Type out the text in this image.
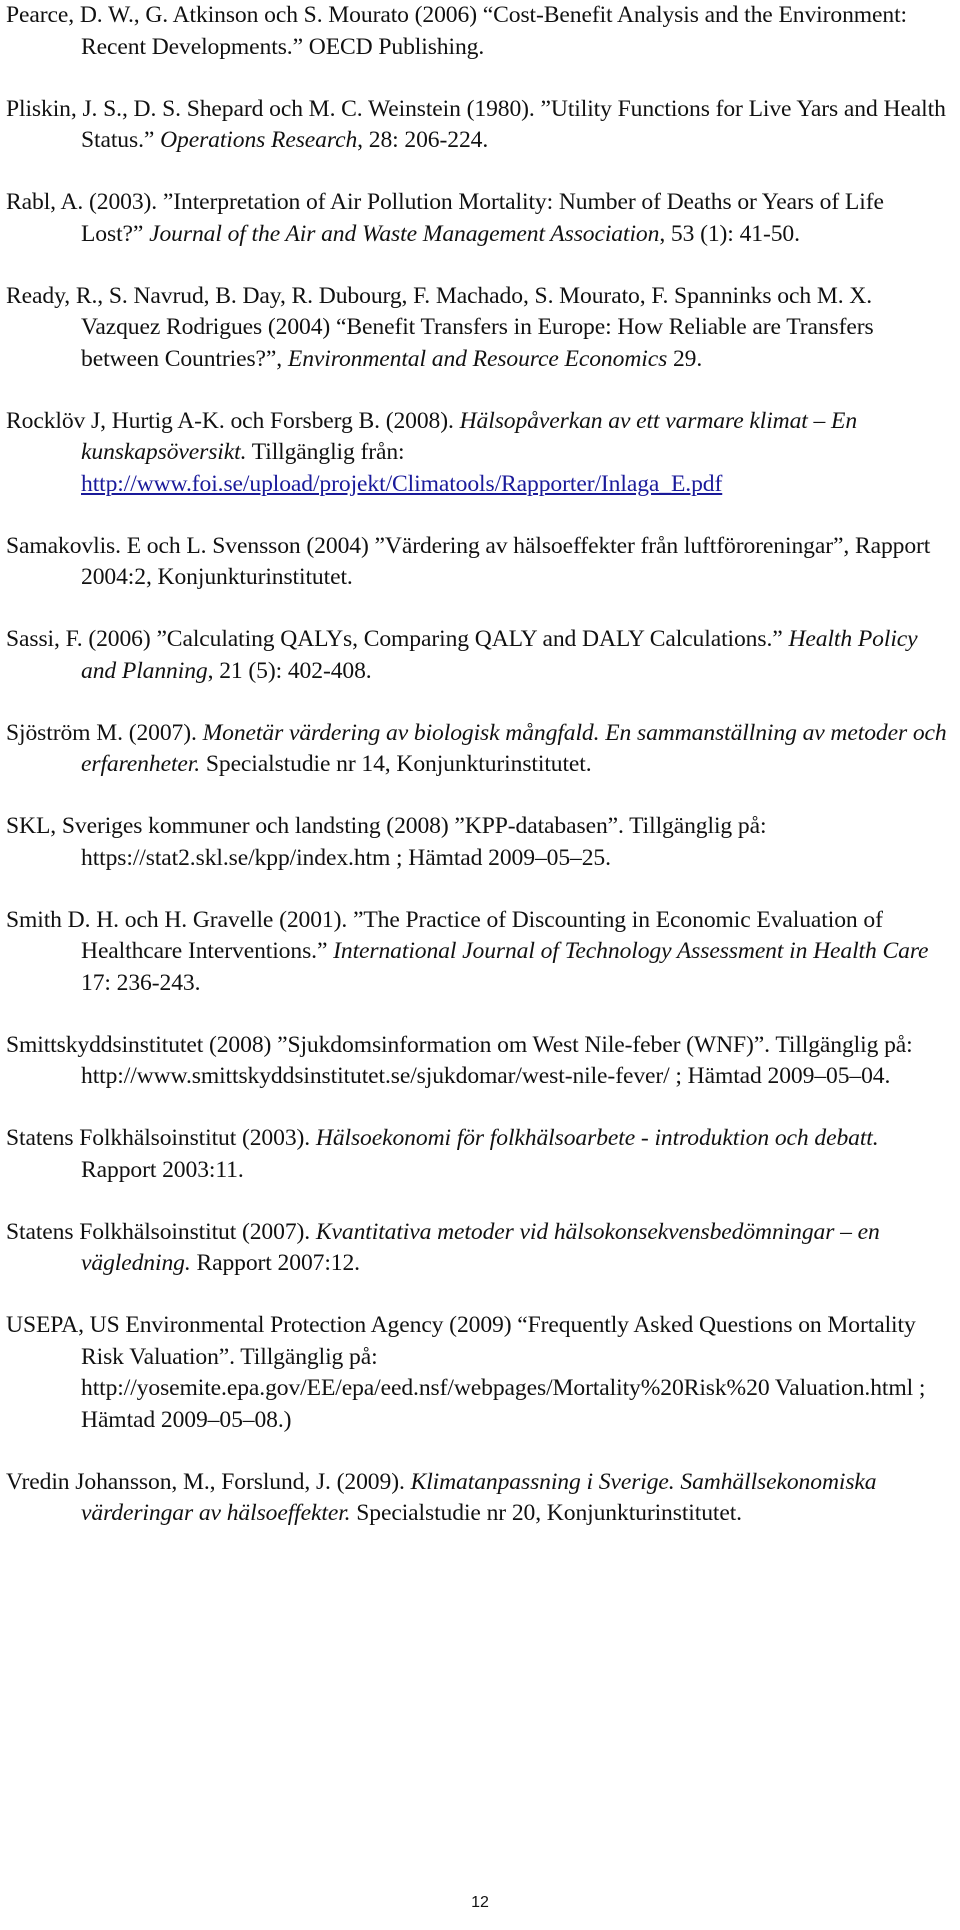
Pearce, D. W., G. Atkinson och S. Mourato (2006) “Cost-Benefit Analysis and the Environment: Recent Developments.” OECD Publishing.

Pliskin, J. S., D. S. Shepard och M. C. Weinstein (1980). ”Utility Functions for Live Yars and Health Status.” Operations Research, 28: 206-224.

Rabl, A. (2003). ”Interpretation of Air Pollution Mortality: Number of Deaths or Years of Life Lost?” Journal of the Air and Waste Management Association, 53 (1): 41-50.

Ready, R., S. Navrud, B. Day, R. Dubourg, F. Machado, S. Mourato, F. Spanninks och M. X. Vazquez Rodrigues (2004) “Benefit Transfers in Europe: How Reliable are Transfers between Countries?”, Environmental and Resource Economics 29.

Rocklöv J, Hurtig A-K. och Forsberg B. (2008). Hälsopåverkan av ett varmare klimat – En kunskapsöversikt. Tillgänglig från: http://www.foi.se/upload/projekt/Climatools/Rapporter/Inlaga_E.pdf

Samakovlis. E och L. Svensson (2004) ”Värdering av hälsoeffekter från luftföroreningar”, Rapport 2004:2, Konjunkturinstitutet.

Sassi, F. (2006) ”Calculating QALYs, Comparing QALY and DALY Calculations.” Health Policy and Planning, 21 (5): 402-408.

Sjöström M. (2007). Monetär värdering av biologisk mångfald. En sammanställning av metoder och erfarenheter. Specialstudie nr 14, Konjunkturinstitutet.

SKL, Sveriges kommuner och landsting (2008) ”KPP-databasen”. Tillgänglig på: https://stat2.skl.se/kpp/index.htm ; Hämtad 2009–05–25.

Smith D. H. och H. Gravelle (2001). ”The Practice of Discounting in Economic Evaluation of Healthcare Interventions.” International Journal of Technology Assessment in Health Care 17: 236-243.

Smittskyddsinstitutet (2008) ”Sjukdomsinformation om West Nile-feber (WNF)”. Tillgänglig på: http://www.smittskyddsinstitutet.se/sjukdomar/west-nile-fever/ ; Hämtad 2009–05–04.

Statens Folkhälsoinstitut (2003). Hälsoekonomi för folkhälsoarbete - introduktion och debatt. Rapport 2003:11.

Statens Folkhälsoinstitut (2007). Kvantitativa metoder vid hälsokonsekvensbedömningar – en vägledning. Rapport 2007:12.

USEPA, US Environmental Protection Agency (2009) “Frequently Asked Questions on Mortality Risk Valuation”. Tillgänglig på: http://yosemite.epa.gov/EE/epa/eed.nsf/webpages/Mortality%20Risk%20 Valuation.html ; Hämtad 2009–05–08.)

Vredin Johansson, M., Forslund, J. (2009). Klimatanpassning i Sverige. Samhällsekonomiska värderingar av hälsoeffekter. Specialstudie nr 20, Konjunkturinstitutet.

12
